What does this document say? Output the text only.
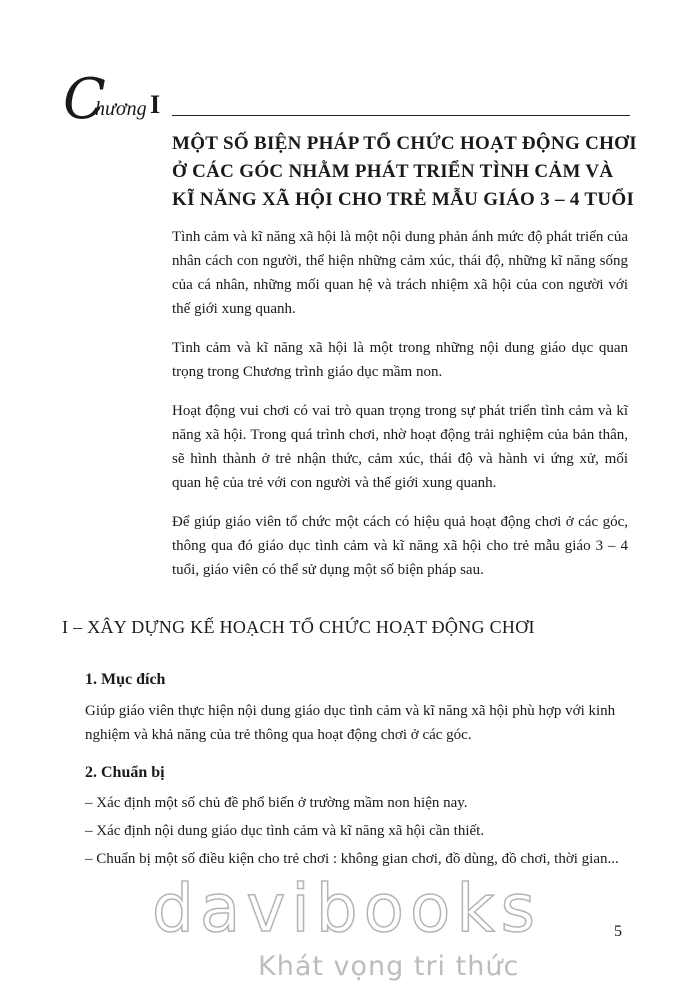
C
hương I
MỘT SỐ BIỆN PHÁP TỔ CHỨC HOẠT ĐỘNG CHƠI
Ở CÁC GÓC NHẰM PHÁT TRIỂN TÌNH CẢM VÀ
KĨ NĂNG XÃ HỘI CHO TRẺ MẪU GIÁO 3 – 4 TUỔI

Tình cảm và kĩ năng xã hội là một nội dung phản ánh mức độ phát triển của nhân cách con người, thể hiện những cảm xúc, thái độ, những kĩ năng sống của cá nhân, những mối quan hệ và trách nhiệm xã hội của con người với thế giới xung quanh.

Tình cảm và kĩ năng xã hội là một trong những nội dung giáo dục quan trọng trong Chương trình giáo dục mầm non.

Hoạt động vui chơi có vai trò quan trọng trong sự phát triển tình cảm và kĩ năng xã hội. Trong quá trình chơi, nhờ hoạt động trải nghiệm của bản thân, sẽ hình thành ở trẻ nhận thức, cảm xúc, thái độ và hành vi ứng xử, mối quan hệ của trẻ với con người và thế giới xung quanh.

Để giúp giáo viên tổ chức một cách có hiệu quả hoạt động chơi ở các góc, thông qua đó giáo dục tình cảm và kĩ năng xã hội cho trẻ mẫu giáo 3 – 4 tuổi, giáo viên có thể sử dụng một số biện pháp sau.

I – XÂY DỰNG KẾ HOẠCH TỔ CHỨC HOẠT ĐỘNG CHƠI
1. Mục đích

Giúp giáo viên thực hiện nội dung giáo dục tình cảm và kĩ năng xã hội phù hợp với kinh nghiệm và khả năng của trẻ thông qua hoạt động chơi ở các góc.

2. Chuẩn bị
– Xác định một số chủ đề phổ biến ở trường mầm non hiện nay.
– Xác định nội dung giáo dục tình cảm và kĩ năng xã hội cần thiết.
– Chuẩn bị một số điều kiện cho trẻ chơi : không gian chơi, đồ dùng, đồ chơi, thời gian...
davibooks
Khát vọng tri thức
5
